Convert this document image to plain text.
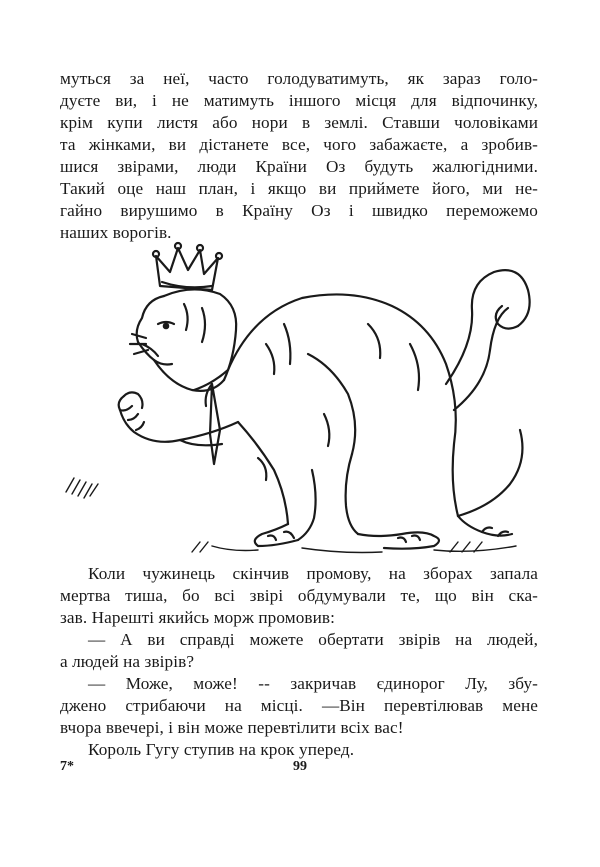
муться за неї, часто голодуватимуть, як зараз голо-
дуєте ви, і не матимуть іншого місця для відпочинку,
крім купи листя або нори в землі. Ставши чоловіками
та жінками, ви дістанете все, чого забажаєте, а зробив-
шися звірами, люди Країни Оз будуть жалюгідними.
Такий оце наш план, і якщо ви приймете його, ми не-
гайно вирушимо в Країну Оз і швидко переможемо
наших ворогів.

Коли чужинець скінчив промову, на зборах запала
мертва тиша, бо всі звірі обдумували те, що він ска-
зав. Нарешті якийсь морж промовив:

— А ви справді можете обертати звірів на людей,
а людей на звірів?

— Може, може! -- закричав єдинорог Лу, збу-
джено стрибаючи на місці. —Він перевтілював мене
вчора ввечері, і він може перевтілити всіх вас!

Король Гугу ступив на крок уперед.

7*	99
